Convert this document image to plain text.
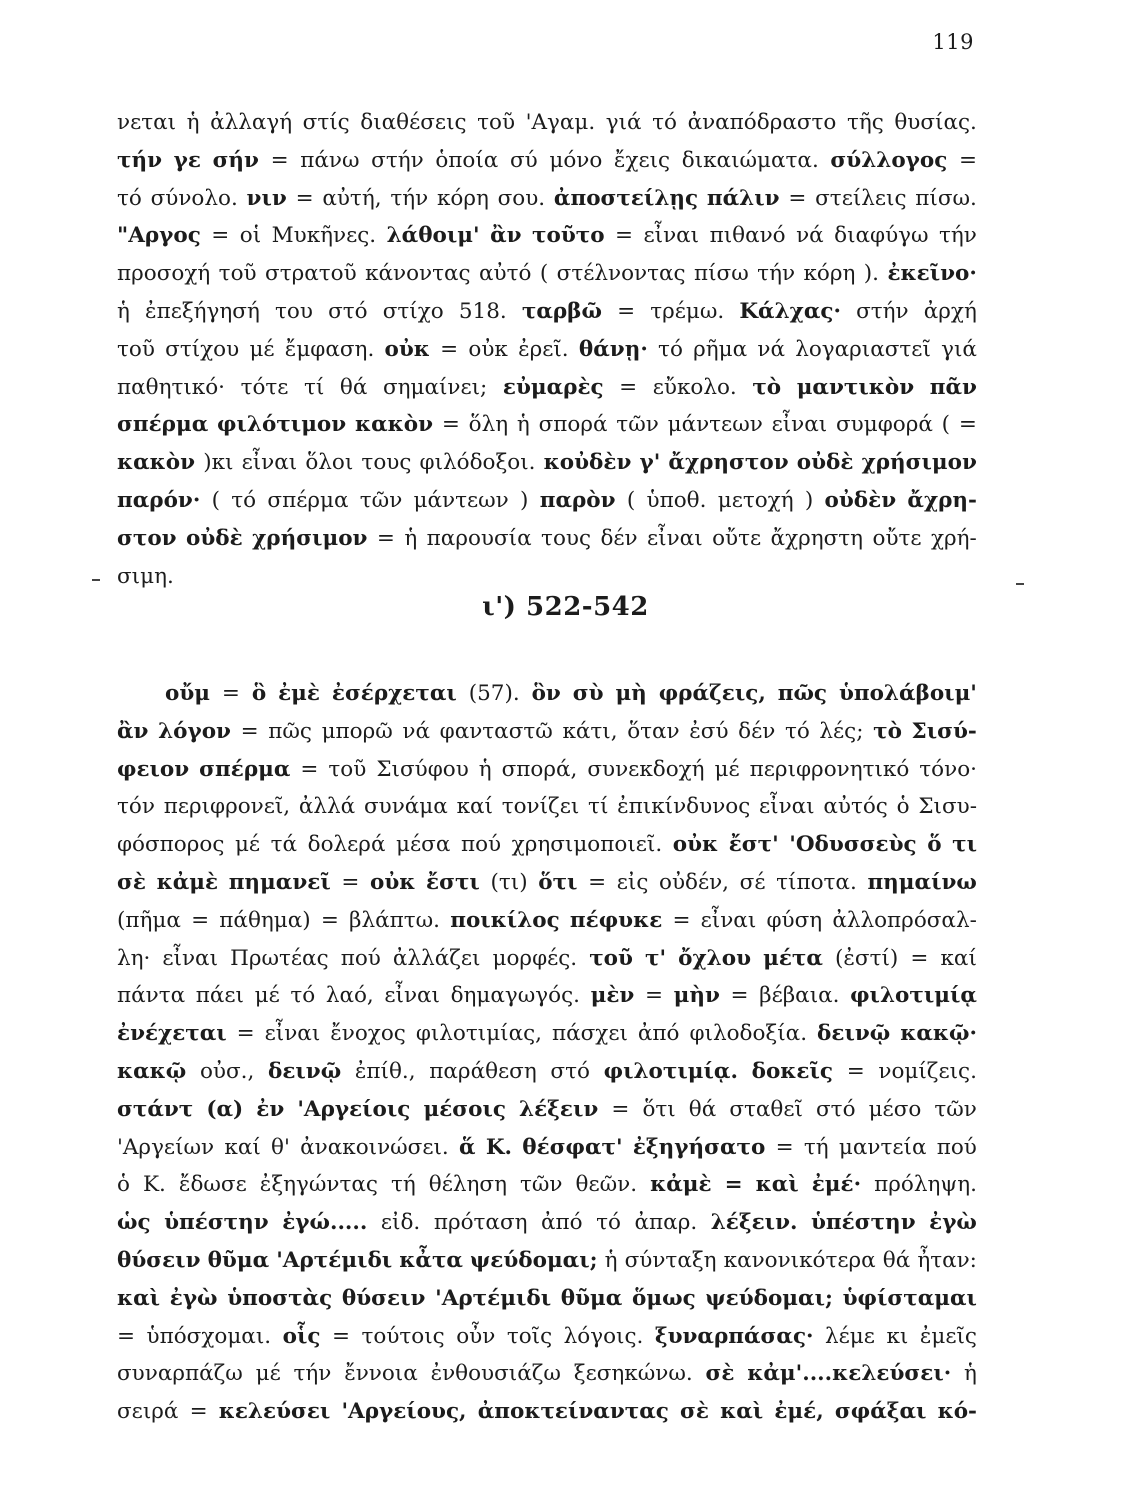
119
νεται ἡ ἀλλαγή στίς διαθέσεις τοῦ 'Αγαμ. γιά τό ἀναπόδραστο τῆς θυσίας.
τήν γε σήν = πάνω στήν ὁποία σύ μόνο ἔχεις δικαιώματα. σύλλογος =
τό σύνολο. νιν = αὐτή, τήν κόρη σου. ἀποστείλῃς πάλιν = στείλεις πίσω.
"Αργος = οἱ Μυκῆνες. λάθοιμ' ἂν τοῦτο = εἶναι πιθανό νά διαφύγω τήν
προσοχή τοῦ στρατοῦ κάνοντας αὐτό ( στέλνοντας πίσω τήν κόρη ). ἐκεῖνο·
ἡ ἐπεξήγησή του στό στίχο 518. ταρβῶ = τρέμω. Κάλχας· στήν ἀρχή
τοῦ στίχου μέ ἔμφαση. οὐκ = οὐκ ἐρεῖ. θάνῃ· τό ρῆμα νά λογαριαστεῖ γιά
παθητικό· τότε τί θά σημαίνει; εὐμαρὲς = εὔκολο. τὸ μαντικὸν πᾶν
σπέρμα φιλότιμον κακὸν = ὅλη ἡ σπορά τῶν μάντεων εἶναι συμφορά ( =
κακὸν )κι εἶναι ὅλοι τους φιλόδοξοι. κοὐδὲν γ' ἄχρηστον οὐδὲ χρήσιμον
παρόν· ( τό σπέρμα τῶν μάντεων ) παρὸν ( ὑποθ. μετοχή ) οὐδὲν ἄχρη-
στον οὐδὲ χρήσιμον = ἡ παρουσία τους δέν εἶναι οὔτε ἄχρηστη οὔτε χρή-
σιμη.
ι') 522-542
οὔμ = ὃ ἐμὲ ἐσέρχεται (57). ὃν σὺ μὴ φράζεις, πῶς ὑπολάβοιμ'
ἂν λόγον = πῶς μπορῶ νά φανταστῶ κάτι, ὅταν ἐσύ δέν τό λές; τὸ Σισύ-
φειον σπέρμα = τοῦ Σισύφου ἡ σπορά, συνεκδοχή μέ περιφρονητικό τόνο·
τόν περιφρονεῖ, ἀλλά συνάμα καί τονίζει τί ἐπικίνδυνος εἶναι αὐτός ὁ Σισυ-
φόσπορος μέ τά δολερά μέσα πού χρησιμοποιεῖ. οὐκ ἔστ' 'Οδυσσεὺς ὅ τι
σὲ κἀμὲ πημανεῖ = οὐκ ἔστι (τι) ὅτι = εἰς οὐδέν, σέ τίποτα. πημαίνω
(πῆμα = πάθημα) = βλάπτω. ποικίλος πέφυκε = εἶναι φύση ἀλλοπρόσαλ-
λη· εἶναι Πρωτέας πού ἀλλάζει μορφές. τοῦ τ' ὄχλου μέτα (ἐστί) = καί
πάντα πάει μέ τό λαό, εἶναι δημαγωγός. μὲν = μὴν = βέβαια. φιλοτιμίᾳ
ἐνέχεται = εἶναι ἔνοχος φιλοτιμίας, πάσχει ἀπό φιλοδοξία. δεινῷ κακῷ·
κακῷ οὐσ., δεινῷ ἐπίθ., παράθεση στό φιλοτιμίᾳ. δοκεῖς = νομίζεις.
στάντ (α) ἐν 'Αργείοις μέσοις λέξειν = ὅτι θά σταθεῖ στό μέσο τῶν
'Αργείων καί θ' ἀνακοινώσει. ἅ Κ. θέσφατ' ἐξηγήσατο = τή μαντεία πού
ὁ Κ. ἔδωσε ἐξηγώντας τή θέληση τῶν θεῶν. κἀμὲ = καὶ ἐμέ· πρόληψη.
ὡς ὑπέστην ἐγώ..... εἰδ. πρόταση ἀπό τό ἀπαρ. λέξειν. ὑπέστην ἐγὼ
θύσειν θῦμα 'Αρτέμιδι κἆτα ψεύδομαι; ἡ σύνταξη κανονικότερα θά ἦταν:
καὶ ἐγὼ ὑποστὰς θύσειν 'Αρτέμιδι θῦμα ὅμως ψεύδομαι; ὑφίσταμαι
= ὑπόσχομαι. οἷς = τούτοις οὖν τοῖς λόγοις. ξυναρπάσας· λέμε κι ἐμεῖς
συναρπάζω μέ τήν ἔννοια ἐνθουσιάζω ξεσηκώνω. σὲ κἀμ'....κελεύσει· ἡ
σειρά = κελεύσει 'Αργείους, ἀποκτείναντας σὲ καὶ ἐμέ, σφάξαι κό-
